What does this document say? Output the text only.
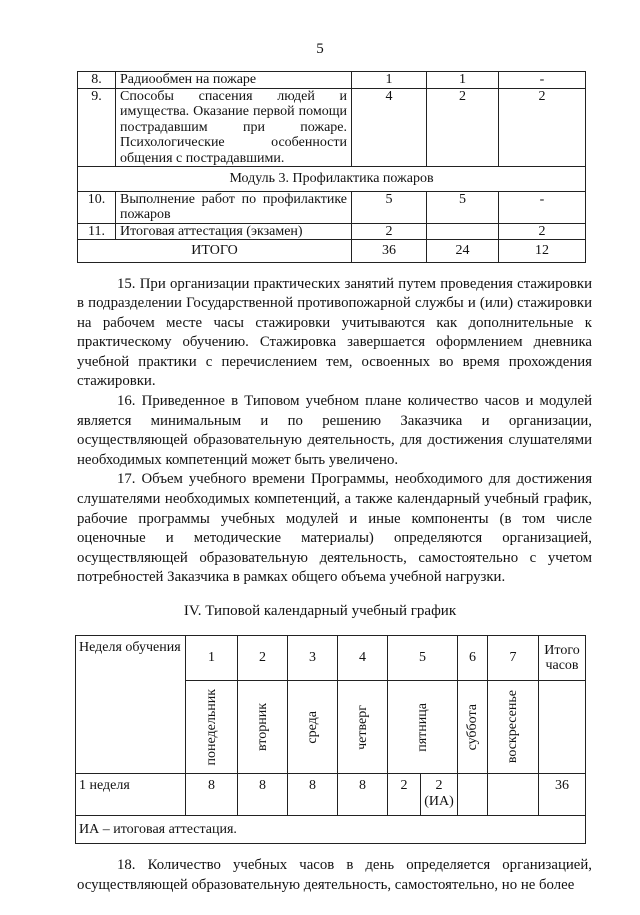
5
8.	Радиообмен на пожаре	1	1	-
9.	Способы спасения людей и имущества. Оказание первой помощи пострадавшим при пожаре. Психологические особенности общения с пострадавшими.	4	2	2
Модуль 3. Профилактика пожаров				
10.	Выполнение работ по профилактике пожаров	5	5	-
11.	Итоговая аттестация (экзамен)	2		2
ИТОГО		36	24	12
15. При организации практических занятий путем проведения стажировки в подразделении Государственной противопожарной службы и (или) стажировки на рабочем месте часы стажировки учитываются как дополнительные к практическому обучению. Стажировка завершается оформлением дневника учебной практики с перечислением тем, освоенных во время прохождения стажировки.
16. Приведенное в Типовом учебном плане количество часов и модулей является минимальным и по решению Заказчика и организации, осуществляющей образовательную деятельность, для достижения слушателями необходимых компетенций может быть увеличено.
17. Объем учебного времени Программы, необходимого для достижения слушателями необходимых компетенций, а также календарный учебный график, рабочие программы учебных модулей и иные компоненты (в том числе оценочные и методические материалы) определяются организацией, осуществляющей образовательную деятельность, самостоятельно с учетом потребностей Заказчика в рамках общего объема учебной нагрузки.
IV. Типовой календарный учебный график
Неделя обучения	1	2	3	4	5		6	7	Итого часов

	понедельник	вторник	среда	четверг	пятница		суббота	воскресенье	

1 неделя	8	8	8	8	2	2 (ИА)			36
ИА – итоговая аттестация.									
18. Количество учебных часов в день определяется организацией, осуществляющей образовательную деятельность, самостоятельно, но не более
